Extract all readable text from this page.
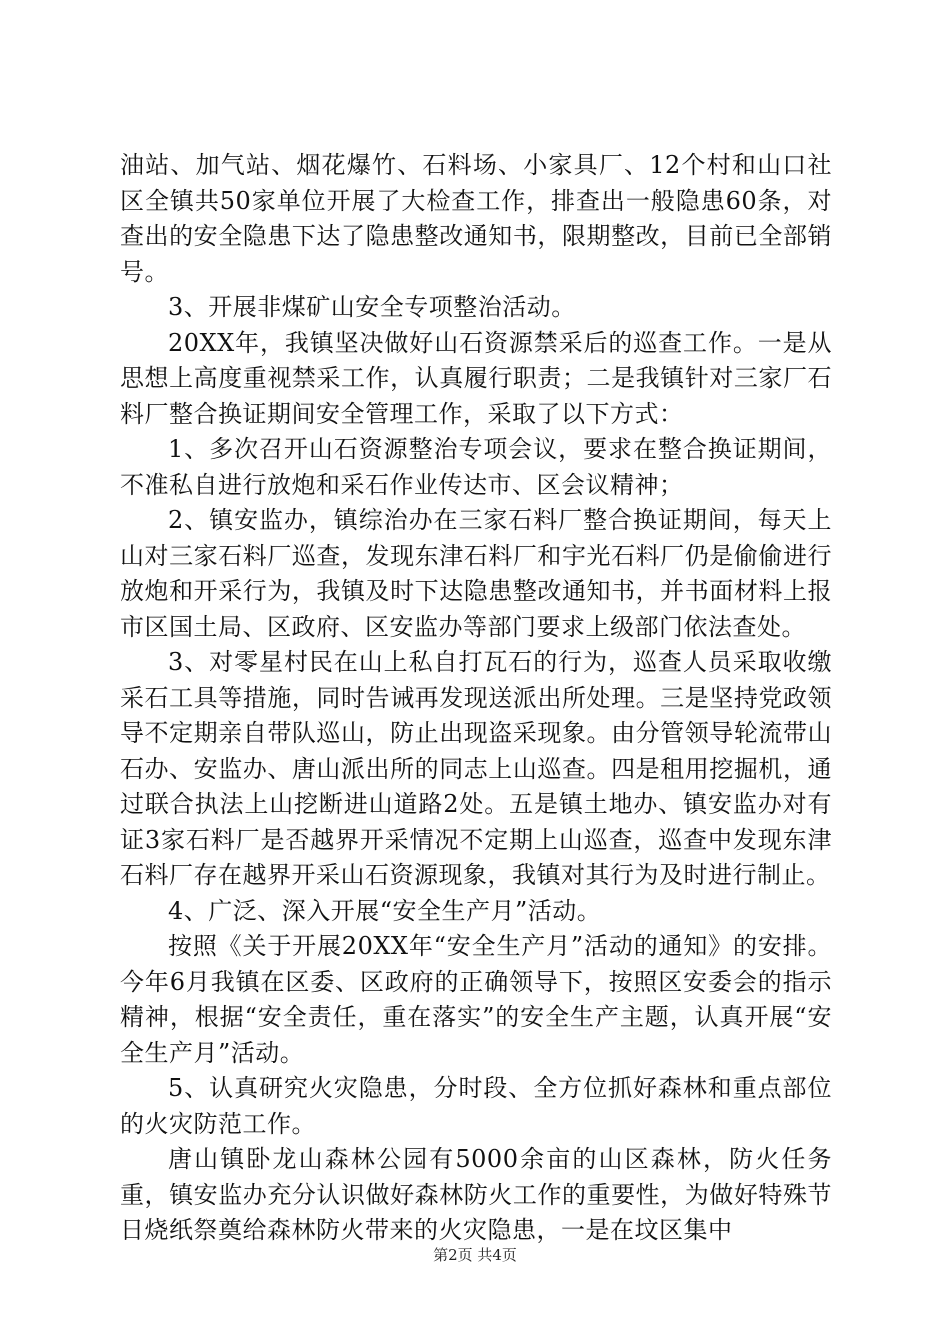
油站、加气站、烟花爆竹、石料场、小家具厂、12个村和山口社区全镇共50家单位开展了大检查工作，排查出一般隐患60条，对查出的安全隐患下达了隐患整改通知书，限期整改，目前已全部销号。

3、开展非煤矿山安全专项整治活动。

20XX年，我镇坚决做好山石资源禁采后的巡查工作。一是从思想上高度重视禁采工作，认真履行职责；二是我镇针对三家厂石料厂整合换证期间安全管理工作，采取了以下方式：

1、多次召开山石资源整治专项会议，要求在整合换证期间，不准私自进行放炮和采石作业传达市、区会议精神；

2、镇安监办，镇综治办在三家石料厂整合换证期间，每天上山对三家石料厂巡查，发现东津石料厂和宇光石料厂仍是偷偷进行放炮和开采行为，我镇及时下达隐患整改通知书，并书面材料上报市区国土局、区政府、区安监办等部门要求上级部门依法查处。

3、对零星村民在山上私自打瓦石的行为，巡查人员采取收缴采石工具等措施，同时告诫再发现送派出所处理。三是坚持党政领导不定期亲自带队巡山，防止出现盗采现象。由分管领导轮流带山石办、安监办、唐山派出所的同志上山巡查。四是租用挖掘机，通过联合执法上山挖断进山道路2处。五是镇土地办、镇安监办对有证3家石料厂是否越界开采情况不定期上山巡查，巡查中发现东津石料厂存在越界开采山石资源现象，我镇对其行为及时进行制止。

4、广泛、深入开展“安全生产月”活动。

按照《关于开展20XX年“安全生产月”活动的通知》的安排。今年6月我镇在区委、区政府的正确领导下，按照区安委会的指示精神，根据“安全责任，重在落实”的安全生产主题，认真开展“安全生产月”活动。

5、认真研究火灾隐患，分时段、全方位抓好森林和重点部位的火灾防范工作。

唐山镇卧龙山森林公园有5000余亩的山区森林，防火任务重，镇安监办充分认识做好森林防火工作的重要性，为做好特殊节日烧纸祭奠给森林防火带来的火灾隐患，一是在坟区集中

第2页 共4页
